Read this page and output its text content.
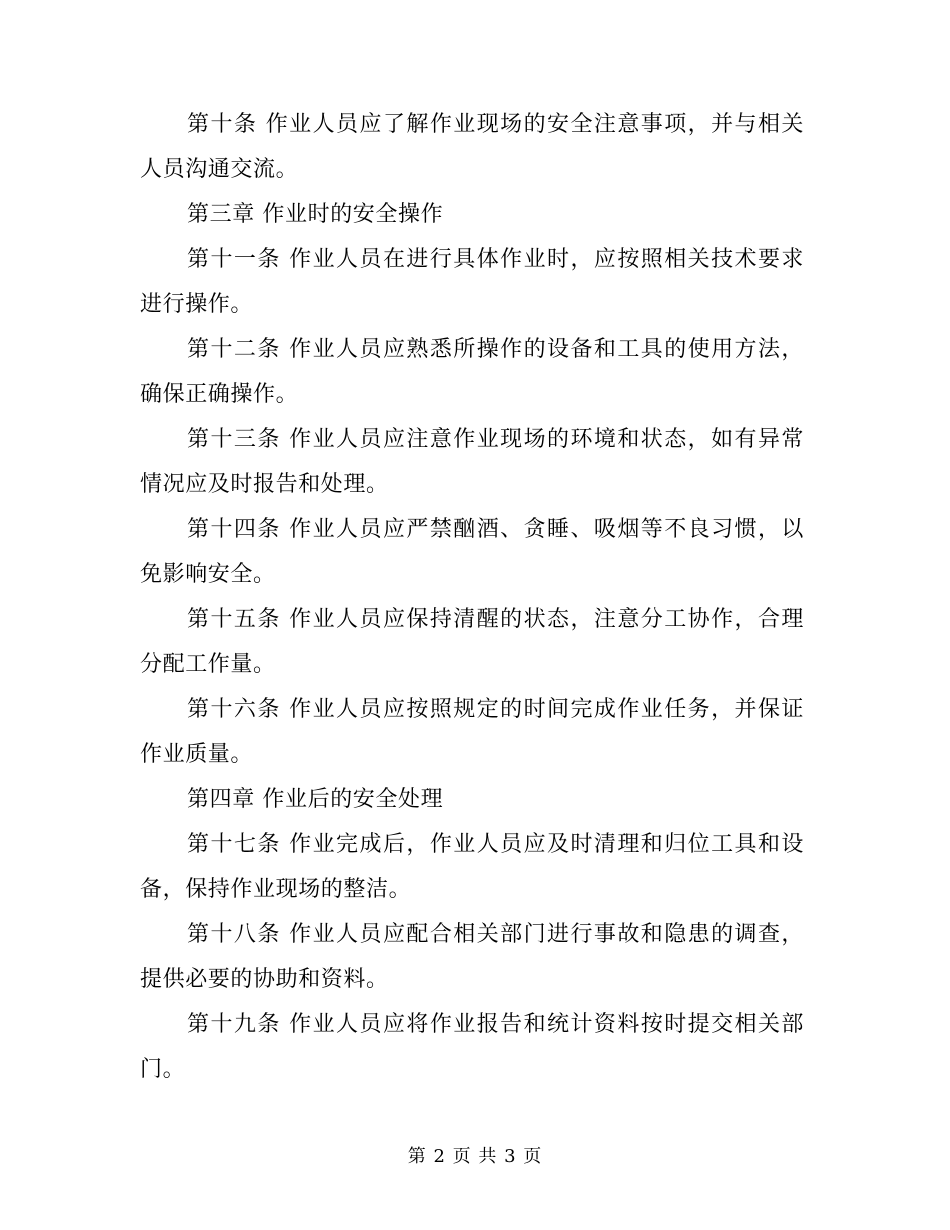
第十条 作业人员应了解作业现场的安全注意事项，并与相关人员沟通交流。

第三章 作业时的安全操作

第十一条 作业人员在进行具体作业时，应按照相关技术要求进行操作。

第十二条 作业人员应熟悉所操作的设备和工具的使用方法，确保正确操作。

第十三条 作业人员应注意作业现场的环境和状态，如有异常情况应及时报告和处理。

第十四条 作业人员应严禁酗酒、贪睡、吸烟等不良习惯，以免影响安全。

第十五条 作业人员应保持清醒的状态，注意分工协作，合理分配工作量。

第十六条 作业人员应按照规定的时间完成作业任务，并保证作业质量。

第四章 作业后的安全处理

第十七条 作业完成后，作业人员应及时清理和归位工具和设备，保持作业现场的整洁。

第十八条 作业人员应配合相关部门进行事故和隐患的调查，提供必要的协助和资料。

第十九条 作业人员应将作业报告和统计资料按时提交相关部门。

第 2 页 共 3 页
